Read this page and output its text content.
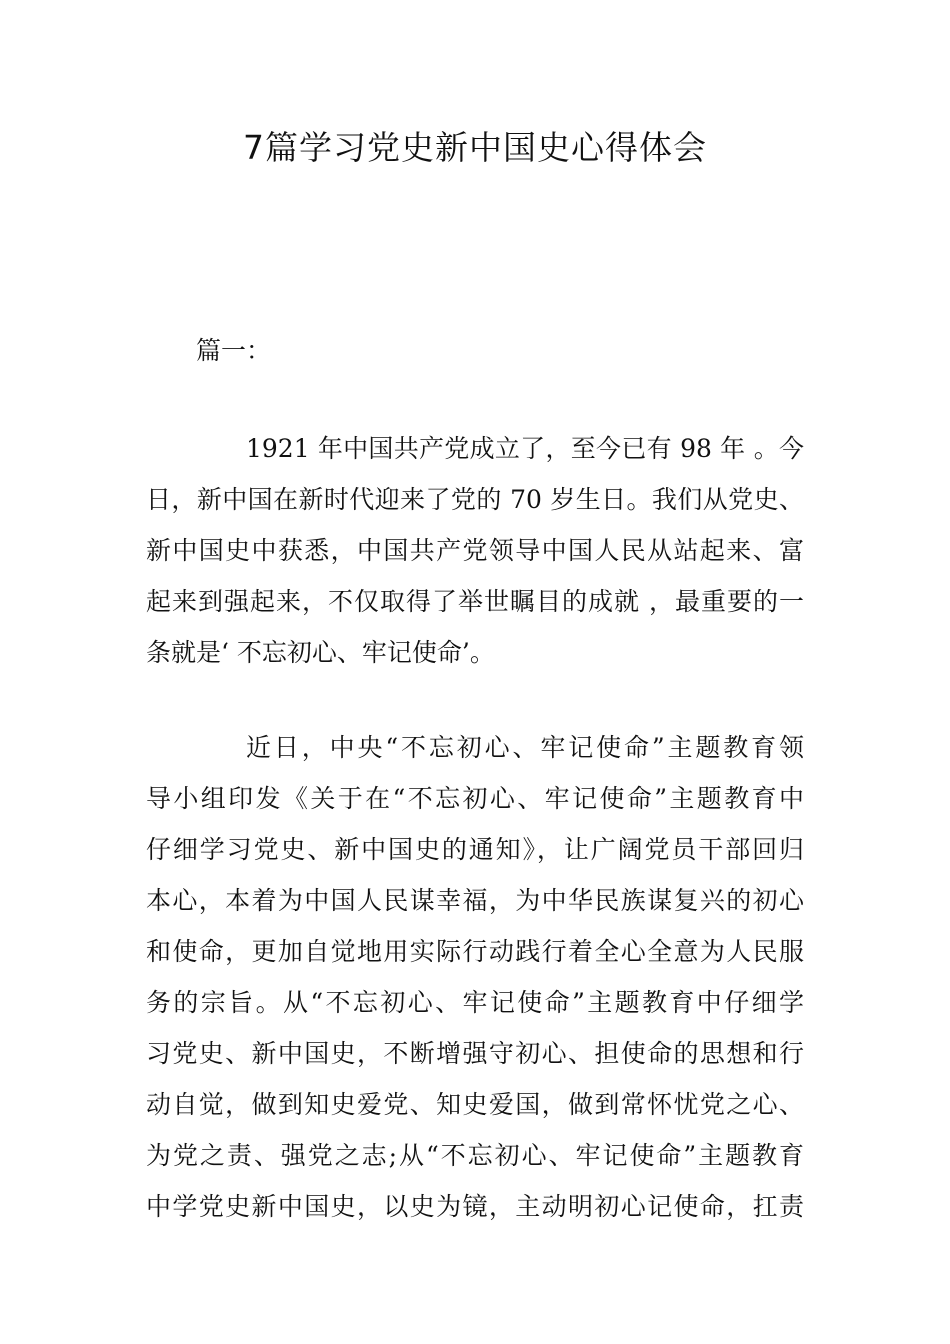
7篇学习党史新中国史心得体会

篇一：

1921 年中国共产党成立了，至今已有 98 年 。今
日，新中国在新时代迎来了党的 70 岁生日。我们从党史、
新中国史中获悉，中国共产党领导中国人民从站起来、富
起来到强起来，不仅取得了举世瞩目的成就 ，最重要的一
条就是‘ 不忘初心、牢记使命’。
近日，中央“不忘初心、牢记使命”主题教育领
导小组印发《关于在“不忘初心、牢记使命”主题教育中
仔细学习党史、新中国史的通知》，让广阔党员干部回归
本心，本着为中国人民谋幸福，为中华民族谋复兴的初心
和使命，更加自觉地用实际行动践行着全心全意为人民服
务的宗旨。从“不忘初心、牢记使命”主题教育中仔细学
习党史、新中国史，不断增强守初心、担使命的思想和行
动自觉，做到知史爱党、知史爱国，做到常怀忧党之心、
为党之责、强党之志;从“不忘初心、牢记使命”主题教育
中学党史新中国史，以史为镜，主动明初心记使命，扛责
